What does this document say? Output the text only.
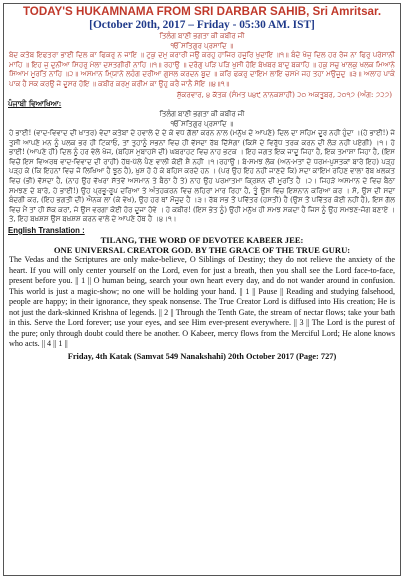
TODAY'S HUKAMNAMA FROM SRI DARBAR SAHIB, Sri Amritsar.
[October 20th, 2017 – Friday - 05:30 AM. IST]
ਤਿਲੰਗ ਬਾਣੀ ਭਗਤਾ ਕੀ ਕਬੀਰ ਜੀ
ੴ ਸਤਿਗੁਰ ਪ੍ਰਸਾਦਿ ॥
ਬੇਦ ਕਤੇਬ ਇਫਤਰਾ ਭਾਈ ਦਿਲ ਕਾ ਫਿਕਰੁ ਨ ਜਾਇ ॥ ਟੁਕੁ ਦਮੁ ਕਰਾਰੀ ਜਉ ਕਰਹੁ ਹਾਜਿਰ ਹਜੂਰਿ ਖੁਦਾਇ ॥੧॥ ਬੰਦੇ ਖੋਜੁ ਦਿਲ ਹਰ ਰੋਜ ਨਾ ਫਿਰੁ ਪਰੇਸਾਨੀ ਮਾਹਿ ॥ ਇਹ ਜੁ ਦੁਨੀਆ ਸਿਹਰੁ ਮੇਲਾ ਦਸਤਗੀਰੀ ਨਾਹਿ ॥੧॥ ਰਹਾਉ ॥ ਦਰੋਗੁ ਪੜਿ ਪੜਿ ਖੁਸੀ ਹੋਇ ਬੇਖਬਰ ਬਾਦੁ ਬਕਾਹਿ ॥ ਹਕੁ ਸਚੁ ਖਾਲਕੁ ਖਲਕ ਮਿਆਨੇ ਸਿਆਮ ਮੂਰਤਿ ਨਾਹਿ ॥੨॥ ਅਸਮਾਨ ਮਿ੍ਯਾਨੇ ਲਹੰਗ ਦਰੀਆ ਗੁਸਲ ਕਰਦਨ ਬੂਦ ॥ ਕਰਿ ਫਕਰੁ ਦਾਇਮ ਲਾਇ ਚਸਮੇ ਜਹ ਤਹਾ ਮਉਜੂਦੁ ॥੩॥ ਅਲਾਹ ਪਾਕੰ ਪਾਕ ਹੈ ਸਕ ਕਰਉ ਜੇ ਦੂਸਰ ਹੋਇ ॥ ਕਬੀਰ ਕਰਮੁ ਕਰੀਮ ਕਾ ਉਹੁ ਕਰੈ ਜਾਨੈ ਸੋਇ ॥੪॥੧॥
ਸ਼ੁੱਕਰਵਾਰ, ੪ ਕੱਤਕ (ਸੰਮਤ ੫੪੯ ਨਾਨਕਸ਼ਾਹੀ) ੨੦ ਅਕਤੂਬਰ, ੨੦੧੭ (ਅੰਗ: ੭੨੭)
ਪੰਜਾਬੀ ਵਿਆਖਿਆ:
ਤਿਲੰਗ ਬਾਣੀ ਭਗਤਾ ਕੀ ਕਬੀਰ ਜੀ
ੴ ਸਤਿਗੁਰ ਪ੍ਰਸਾਦਿ ॥
ਹੇ ਭਾਈ! (ਵਾਦ-ਵਿਵਾਦ ਦੀ ਖ਼ਾਤਰ) ਵੇਦਾਂ ਕਤੇਬਾਂ ਦੇ ਹਵਾਲੇ ਦੇ ਦੇ ਕੇ ਵਧ ਗੱਲਾਂ ਕਰਨ ਨਾਲ (ਮਨੁੱਖ ਦੇ ਆਪਣੇ) ਦਿਲ ਦਾ ਸਹਿਮ ਦੂਰ ਨਹੀਂ ਹੁੰਦਾ ।(ਹੇ ਭਾਈ!) ਜੇ ਤੁਸੀ ਆਪਣੇ ਮਨ ਨੂੰ ਪਲਕ ਭਰ ਹੀ ਟਿਕਾਓ, ਤਾਂ ਤੁਹਾਨੂੰ ਸਭਨਾਂ ਵਿਚ ਹੀ ਵੱਸਦਾ ਰੱਬ ਦਿੱਸੇਗਾ (ਕਿਸੇ ਦੇ ਵਿਰੁੱਧ ਤਰਕ ਕਰਨ ਦੀ ਲੋੜ ਨਹੀਂ ਪਏਗੀ) ।੧। ਹੇ ਭਾਈ! (ਆਪਣੇ ਹੀ) ਦਿਲ ਨੂੰ ਹਰ ਵੇਲੇ ਖੋਜ, (ਬਹਿਸ ਮੁਬਾਹਸੇ ਦੀ) ਘਬਰਾਹਟ ਵਿਚ ਨਾਹ ਭਟਕ । ਇਹ ਜਗਤ ਇਕ ਜਾਦੂ ਜਿਹਾ ਹੈ, ਇਕ ਤਮਾਸ਼ਾ ਜਿਹਾ ਹੈ, (ਇਸ ਵਿਚੋਂ ਇਸ ਵਿਅਰਥ ਵਾਦ-ਵਿਵਾਦ ਦੀ ਰਾਹੀਂ) ਹੱਥ-ਪੱਲੇ ਪੈਣ ਵਾਲੀ ਕੋਈ ਸ਼ੈ ਨਹੀਂ ।੧।ਰਹਾਉ। ਬੇ-ਸਮਝ ਲੋਕ (ਅਨ-ਮਤਾਂ ਦੇ ਧਰਮ-ਪੁਸਤਕਾਂ ਬਾਰੇ ਇਹ) ਪੜ੍ਹ ਪੜ੍ਹ ਕੇ (ਕਿ ਇਹਨਾਂ ਵਿਚ ਜੋ ਲਿਖਿਆ ਹੈ ਝੂਠ ਹੈ), ਖ਼ੁਸ਼ ਹੋ ਹੋ ਕੇ ਬਹਿਸ ਕਰਦੇ ਹਨ । (ਪਰ ਉਹ ਇਹ ਨਹੀਂ ਜਾਣਦੇ ਕਿ) ਸਦਾ ਕਾਇਮ ਰਹਿਣ ਵਾਲਾ ਰੱਬ ਖ਼ਲਕਤ ਵਿਚ (ਭੀ) ਵੱਸਦਾ ਹੈ, (ਨਾਹ ਉਹ ਵੱਖਰਾ ਸੱਤਵੇਂ ਅਸਮਾਨ ਤੇ ਬੈਠਾ ਹੈ ਤੇ) ਨਾਹ ਉਹ ਪਰਮਾਤਮਾ ਕ੍ਰਿਸ਼ਨ ਦੀ ਮੂਰਤਿ ਹੈ ।੨। ਜਿਹੜੇ ਅਸਮਾਨ ਦੇ ਵਿਚ ਬੈਠਾ ਸਮਝਣ ਦੇ ਬਾਰੇ, ਹੇ ਭਾਈ!) ਉਹ ਪ੍ਰਭੂ-ਰੂਪ ਦਰਿਆ ਤੇ ਅੰਤਹਕਰਨ ਵਿਚ ਲਹਿਰਾਂ ਮਾਰ ਰਿਹਾ ਹੈ, ਤੂੰ ਉਸ ਵਿਚ ਇਸ਼ਨਾਨ ਕਰਿਆ ਕਰ । ਸੋ, ਉਸ ਦੀ ਸਦਾ ਬੰਦਗੀ ਕਰ, (ਇਹ ਭਗਤੀ ਦੀ) ਐਨਕ ਲਾ (ਕੇ ਵੇਖ), ਉਹ ਹਰ ਥਾਂ ਮੌਜੂਦ ਹੈ ।੩। ਰੱਬ ਸਭ ਤੋਂ ਪਵਿੱਤਰ (ਹਸਤੀ) ਹੈ (ਉਸ ਤੋਂ ਪਵਿੱਤਰ ਕੋਈ ਨਹੀਂ ਹੈ), ਇਸ ਗੱਲ ਵਿਚ ਮੈਂ ਤਾਂ ਹੀ ਸ਼ੱਕ ਕਰਾਂ, ਜੇ ਉਸ ਵਰਗਾ ਕੋਈ ਹੋਰ ਦੂਜਾ ਹੋਵੇ । ਹੇ ਕਬੀਰ! (ਇਸ ਭੇਤ ਨੂੰ) ਉਹੀ ਮਨੁੱਖ ਹੀ ਸਮਝ ਸਕਦਾ ਹੈ ਜਿਸ ਨੂੰ ਉਹ ਸਮਝਣ-ਜੋਗ ਬਣਾਏ । ਤੇ, ਇਹ ਬਖ਼ਸ਼ਸ਼ ਉਸ ਬਖ਼ਸ਼ਸ਼ ਕਰਨ ਵਾਲੇ ਦੇ ਆਪਣੇ ਹੱਥ ਹੈ ।੪।੧।
English Translation :
TILANG, THE WORD OF DEVOTEE KABEER JEE:
ONE UNIVERSAL CREATOR GOD. BY THE GRACE OF THE TRUE GURU:
The Vedas and the Scriptures are only make-believe, O Siblings of Destiny; they do not relieve the anxiety of the heart. If you will only center yourself on the Lord, even for just a breath, then you shall see the Lord face-to-face, present before you. || 1 || O human being, search your own heart every day, and do not wander around in confusion. This world is just a magic-show; no one will be holding your hand. || 1 || Pause || Reading and studying falsehood, people are happy; in their ignorance, they speak nonsense. The True Creator Lord is diffused into His creation; He is not just the dark-skinned Krishna of legends. || 2 || Through the Tenth Gate, the stream of nectar flows; take your bath in this. Serve the Lord forever; use your eyes, and see Him ever-present everywhere. || 3 || The Lord is the purest of the pure; only through doubt could there be another. O Kabeer, mercy flows from the Merciful Lord; He alone knows who acts. || 4 || 1 ||
Friday, 4th Katak (Samvat 549 Nanakshahi) 20th October 2017 (Page: 727)
